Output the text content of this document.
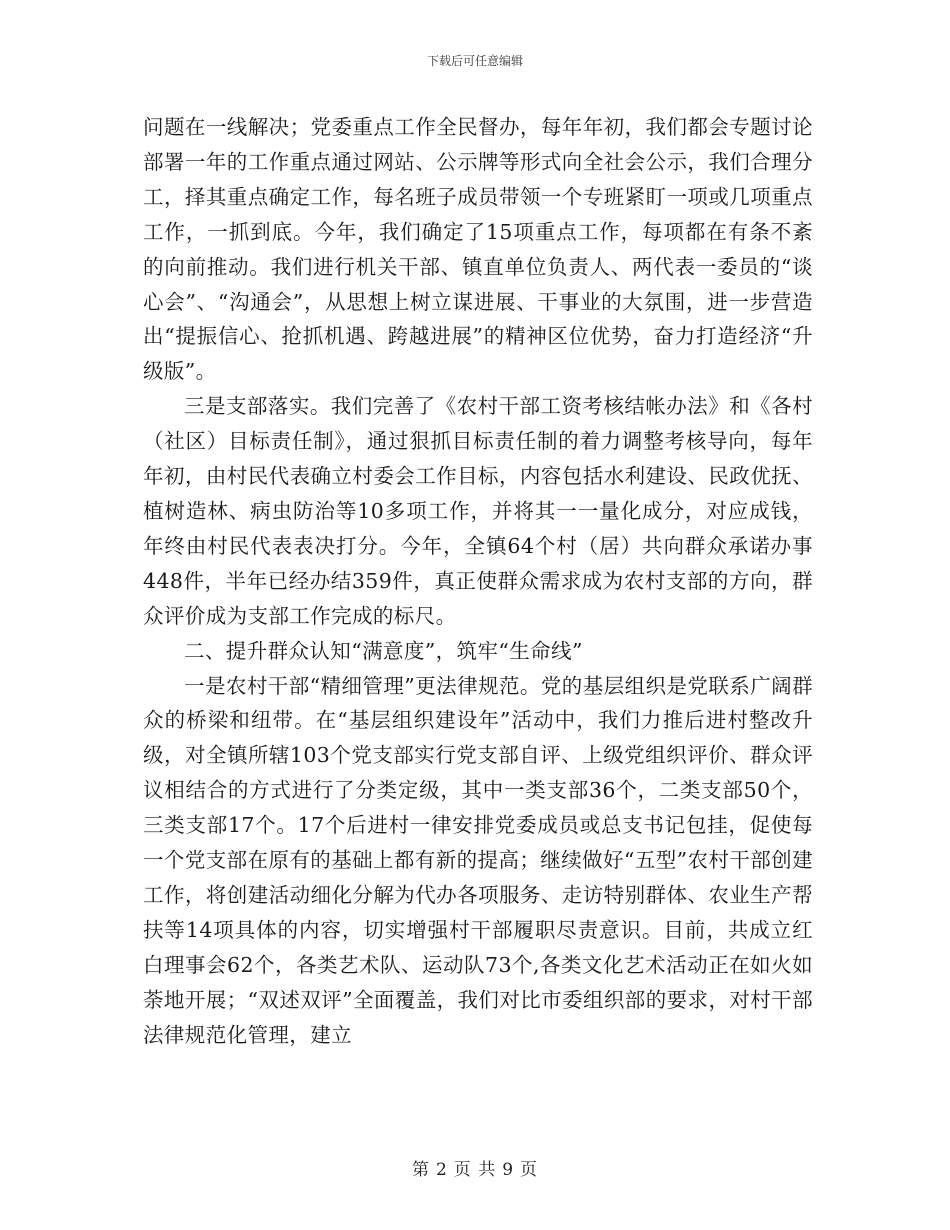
下载后可任意编辑

问题在一线解决；党委重点工作全民督办，每年年初，我们都会专题讨论部署一年的工作重点通过网站、公示牌等形式向全社会公示，我们合理分工，择其重点确定工作，每名班子成员带领一个专班紧盯一项或几项重点工作，一抓到底。今年，我们确定了15项重点工作，每项都在有条不紊的向前推动。我们进行机关干部、镇直单位负责人、两代表一委员的“谈心会”、“沟通会”，从思想上树立谋进展、干事业的大氛围，进一步营造出“提振信心、抢抓机遇、跨越进展”的精神区位优势，奋力打造经济“升级版”。

三是支部落实。我们完善了《农村干部工资考核结帐办法》和《各村（社区）目标责任制》，通过狠抓目标责任制的着力调整考核导向，每年年初，由村民代表确立村委会工作目标，内容包括水利建设、民政优抚、植树造林、病虫防治等10多项工作，并将其一一量化成分，对应成钱，年终由村民代表表决打分。今年，全镇64个村（居）共向群众承诺办事448件，半年已经办结359件，真正使群众需求成为农村支部的方向，群众评价成为支部工作完成的标尺。

二、提升群众认知“满意度”，筑牢“生命线”

一是农村干部“精细管理”更法律规范。党的基层组织是党联系广阔群众的桥梁和纽带。在“基层组织建设年”活动中，我们力推后进村整改升级，对全镇所辖103个党支部实行党支部自评、上级党组织评价、群众评议相结合的方式进行了分类定级，其中一类支部36个，二类支部50个，三类支部17个。17个后进村一律安排党委成员或总支书记包挂，促使每一个党支部在原有的基础上都有新的提高；继续做好“五型”农村干部创建工作，将创建活动细化分解为代办各项服务、走访特别群体、农业生产帮扶等14项具体的内容，切实增强村干部履职尽责意识。目前，共成立红白理事会62个，各类艺术队、运动队73个,各类文化艺术活动正在如火如荼地开展；“双述双评”全面覆盖，我们对比市委组织部的要求，对村干部法律规范化管理，建立

第 2 页 共 9 页
